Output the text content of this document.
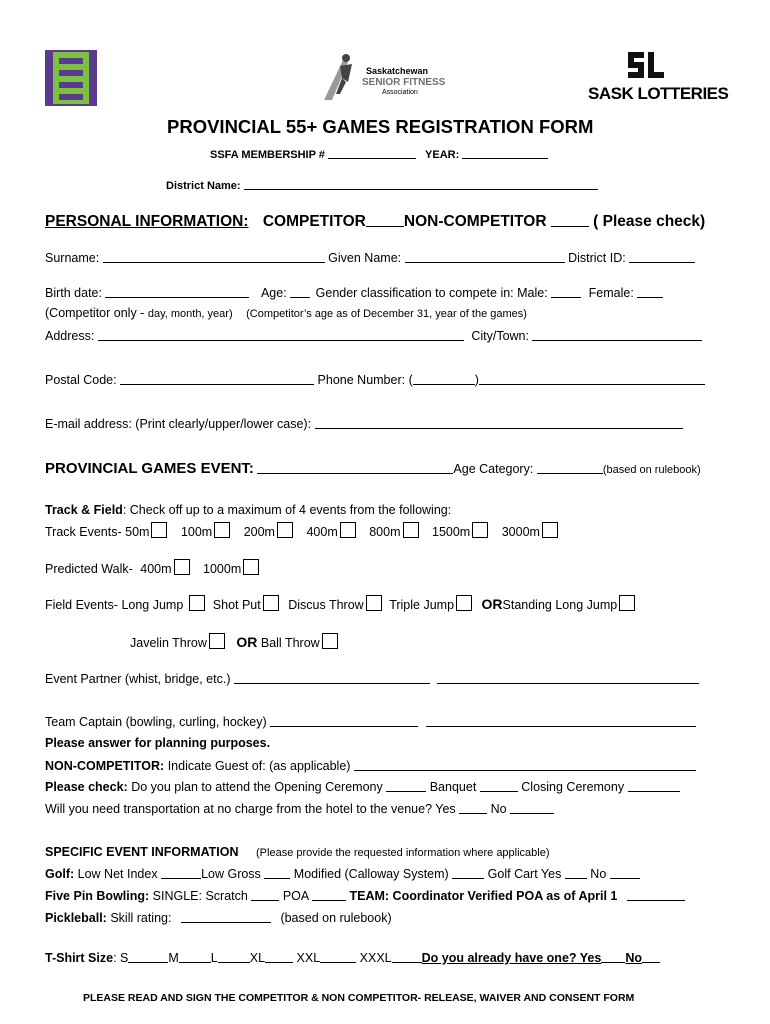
Saskatchewan
SENIOR FITNESS
Association	SASK LOTTERIES
PROVINCIAL 55+ GAMES REGISTRATION FORM
SSFA MEMBERSHIP #	YEAR:
District Name:
PERSONAL INFORMATION: COMPETITOR NON-COMPETITOR	( Please check)
Surname:	Given Name:	District ID:
Birth date:	Age: Gender classification to compete in: Male:	Female:
(Competitor only - day, month, year) (Competitor’s age as of December 31, year of the games)
Address:	City/Town:
Postal Code:	Phone Number: (	)
E-mail address: (Print clearly/upper/lower case):
PROVINCIAL GAMES EVENT:	Age Category:	(based on rulebook)
Track & Field: Check off up to a maximum of 4 events from the following:
Track Events- 50m	100m	200m	400m	800m	1500m	3000m
Predicted Walk- 400m	1000m
Field Events- Long Jump Shot Put Discus Throw Triple Jump ORStanding Long Jump
Javelin Throw OR Ball Throw
Event Partner (whist, bridge, etc.)
Team Captain (bowling, curling, hockey)
Please answer for planning purposes.
NON-COMPETITOR: Indicate Guest of: (as applicable)
Please check: Do you plan to attend the Opening Ceremony	Banquet	Closing Ceremony
Will you need transportation at no charge from the hotel to the venue? Yes	No
SPECIFIC EVENT INFORMATION (Please provide the requested information where applicable)
Golf: Low Net Index	Low Gross	Modified (Calloway System)	Golf Cart Yes No
Five Pin Bowling: SINGLE: Scratch	POA	TEAM: Coordinator Verified POA as of April 1
Pickleball: Skill rating:	(based on rulebook)
T-Shirt Size: S	M	L	XL	XXL	XXXL Do you already have one? Yes No
PLEASE READ AND SIGN THE COMPETITOR & NON COMPETITOR- RELEASE, WAIVER AND CONSENT FORM
